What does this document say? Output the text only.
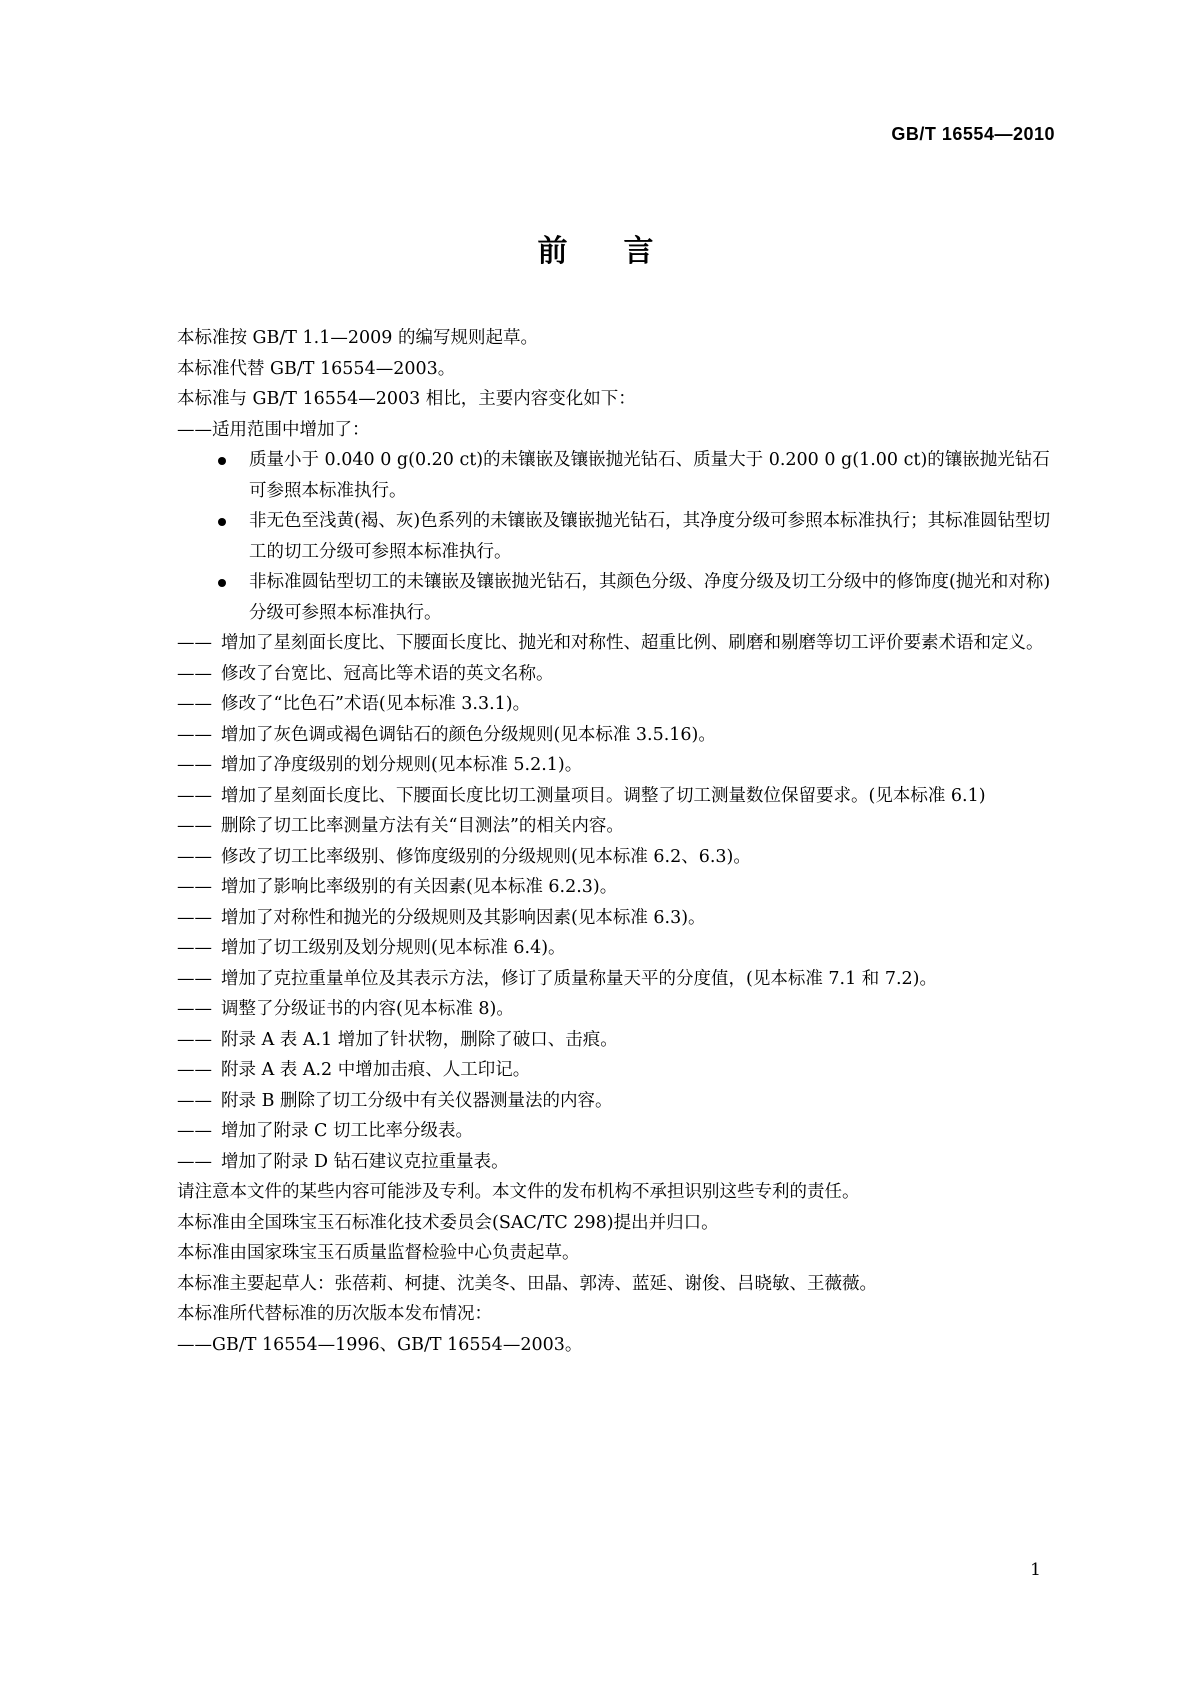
GB/T 16554—2010
前 言

本标准按 GB/T 1.1—2009 的编写规则起草。

本标准代替 GB/T 16554—2003。

本标准与 GB/T 16554—2003 相比，主要内容变化如下：

——适用范围中增加了：

质量小于 0.040 0 g(0.20 ct)的未镶嵌及镶嵌抛光钻石、质量大于 0.200 0 g(1.00 ct)的镶嵌抛光钻石可参照本标准执行。

非无色至浅黄(褐、灰)色系列的未镶嵌及镶嵌抛光钻石，其净度分级可参照本标准执行；其标准圆钻型切工的切工分级可参照本标准执行。

非标准圆钻型切工的未镶嵌及镶嵌抛光钻石，其颜色分级、净度分级及切工分级中的修饰度(抛光和对称)分级可参照本标准执行。

—— 增加了星刻面长度比、下腰面长度比、抛光和对称性、超重比例、刷磨和剔磨等切工评价要素术语和定义。

—— 修改了台宽比、冠高比等术语的英文名称。

—— 修改了“比色石”术语(见本标准 3.3.1)。

—— 增加了灰色调或褐色调钻石的颜色分级规则(见本标准 3.5.16)。

—— 增加了净度级别的划分规则(见本标准 5.2.1)。

—— 增加了星刻面长度比、下腰面长度比切工测量项目。调整了切工测量数位保留要求。(见本标准 6.1)

—— 删除了切工比率测量方法有关“目测法”的相关内容。

—— 修改了切工比率级别、修饰度级别的分级规则(见本标准 6.2、6.3)。

—— 增加了影响比率级别的有关因素(见本标准 6.2.3)。

—— 增加了对称性和抛光的分级规则及其影响因素(见本标准 6.3)。

—— 增加了切工级别及划分规则(见本标准 6.4)。

—— 增加了克拉重量单位及其表示方法，修订了质量称量天平的分度值，(见本标准 7.1 和 7.2)。

—— 调整了分级证书的内容(见本标准 8)。

—— 附录 A 表 A.1 增加了针状物，删除了破口、击痕。

—— 附录 A 表 A.2 中增加击痕、人工印记。

—— 附录 B 删除了切工分级中有关仪器测量法的内容。

—— 增加了附录 C 切工比率分级表。

—— 增加了附录 D 钻石建议克拉重量表。

请注意本文件的某些内容可能涉及专利。本文件的发布机构不承担识别这些专利的责任。

本标准由全国珠宝玉石标准化技术委员会(SAC/TC 298)提出并归口。

本标准由国家珠宝玉石质量监督检验中心负责起草。

本标准主要起草人：张蓓莉、柯捷、沈美冬、田晶、郭涛、蓝延、谢俊、吕晓敏、王薇薇。

本标准所代替标准的历次版本发布情况：

——GB/T 16554—1996、GB/T 16554—2003。

1
